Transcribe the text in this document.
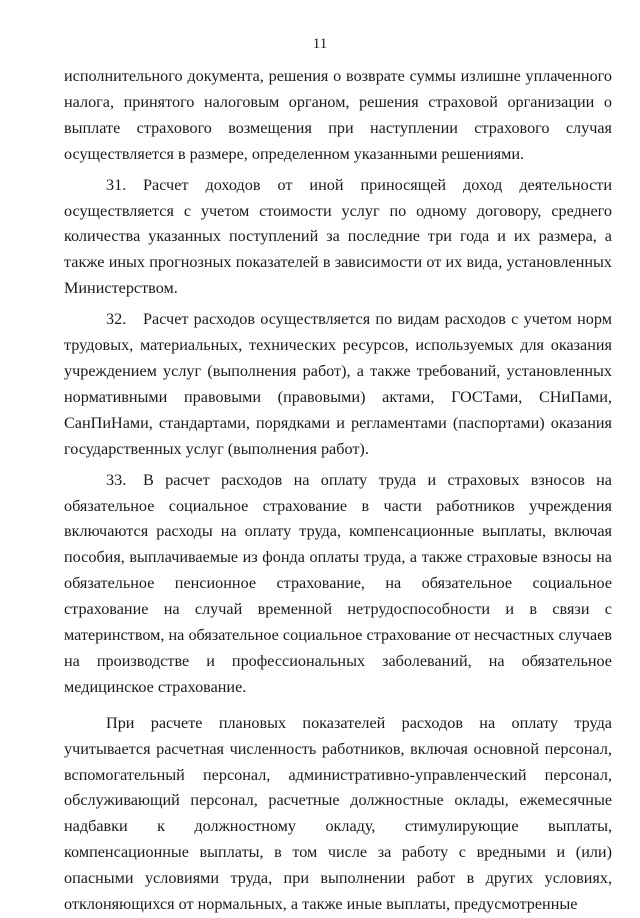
11

исполнительного документа, решения о возврате суммы излишне уплаченного налога, принятого налоговым органом, решения страховой организации о выплате страхового возмещения при наступлении страхового случая осуществляется в размере, определенном указанными решениями.

31. Расчет доходов от иной приносящей доход деятельности осуществляется с учетом стоимости услуг по одному договору, среднего количества указанных поступлений за последние три года и их размера, а также иных прогнозных показателей в зависимости от их вида, установленных Министерством.

32. Расчет расходов осуществляется по видам расходов с учетом норм трудовых, материальных, технических ресурсов, используемых для оказания учреждением услуг (выполнения работ), а также требований, установленных нормативными правовыми (правовыми) актами, ГОСТами, СНиПами, СанПиНами, стандартами, порядками и регламентами (паспортами) оказания государственных услуг (выполнения работ).

33. В расчет расходов на оплату труда и страховых взносов на обязательное социальное страхование в части работников учреждения включаются расходы на оплату труда, компенсационные выплаты, включая пособия, выплачиваемые из фонда оплаты труда, а также страховые взносы на обязательное пенсионное страхование, на обязательное социальное страхование на случай временной нетрудоспособности и в связи с материнством, на обязательное социальное страхование от несчастных случаев на производстве и профессиональных заболеваний, на обязательное медицинское страхование.

При расчете плановых показателей расходов на оплату труда учитывается расчетная численность работников, включая основной персонал, вспомогательный персонал, административно-управленческий персонал, обслуживающий персонал, расчетные должностные оклады, ежемесячные надбавки к должностному окладу, стимулирующие выплаты, компенсационные выплаты, в том числе за работу с вредными и (или) опасными условиями труда, при выполнении работ в других условиях, отклоняющихся от нормальных, а также иные выплаты, предусмотренные
